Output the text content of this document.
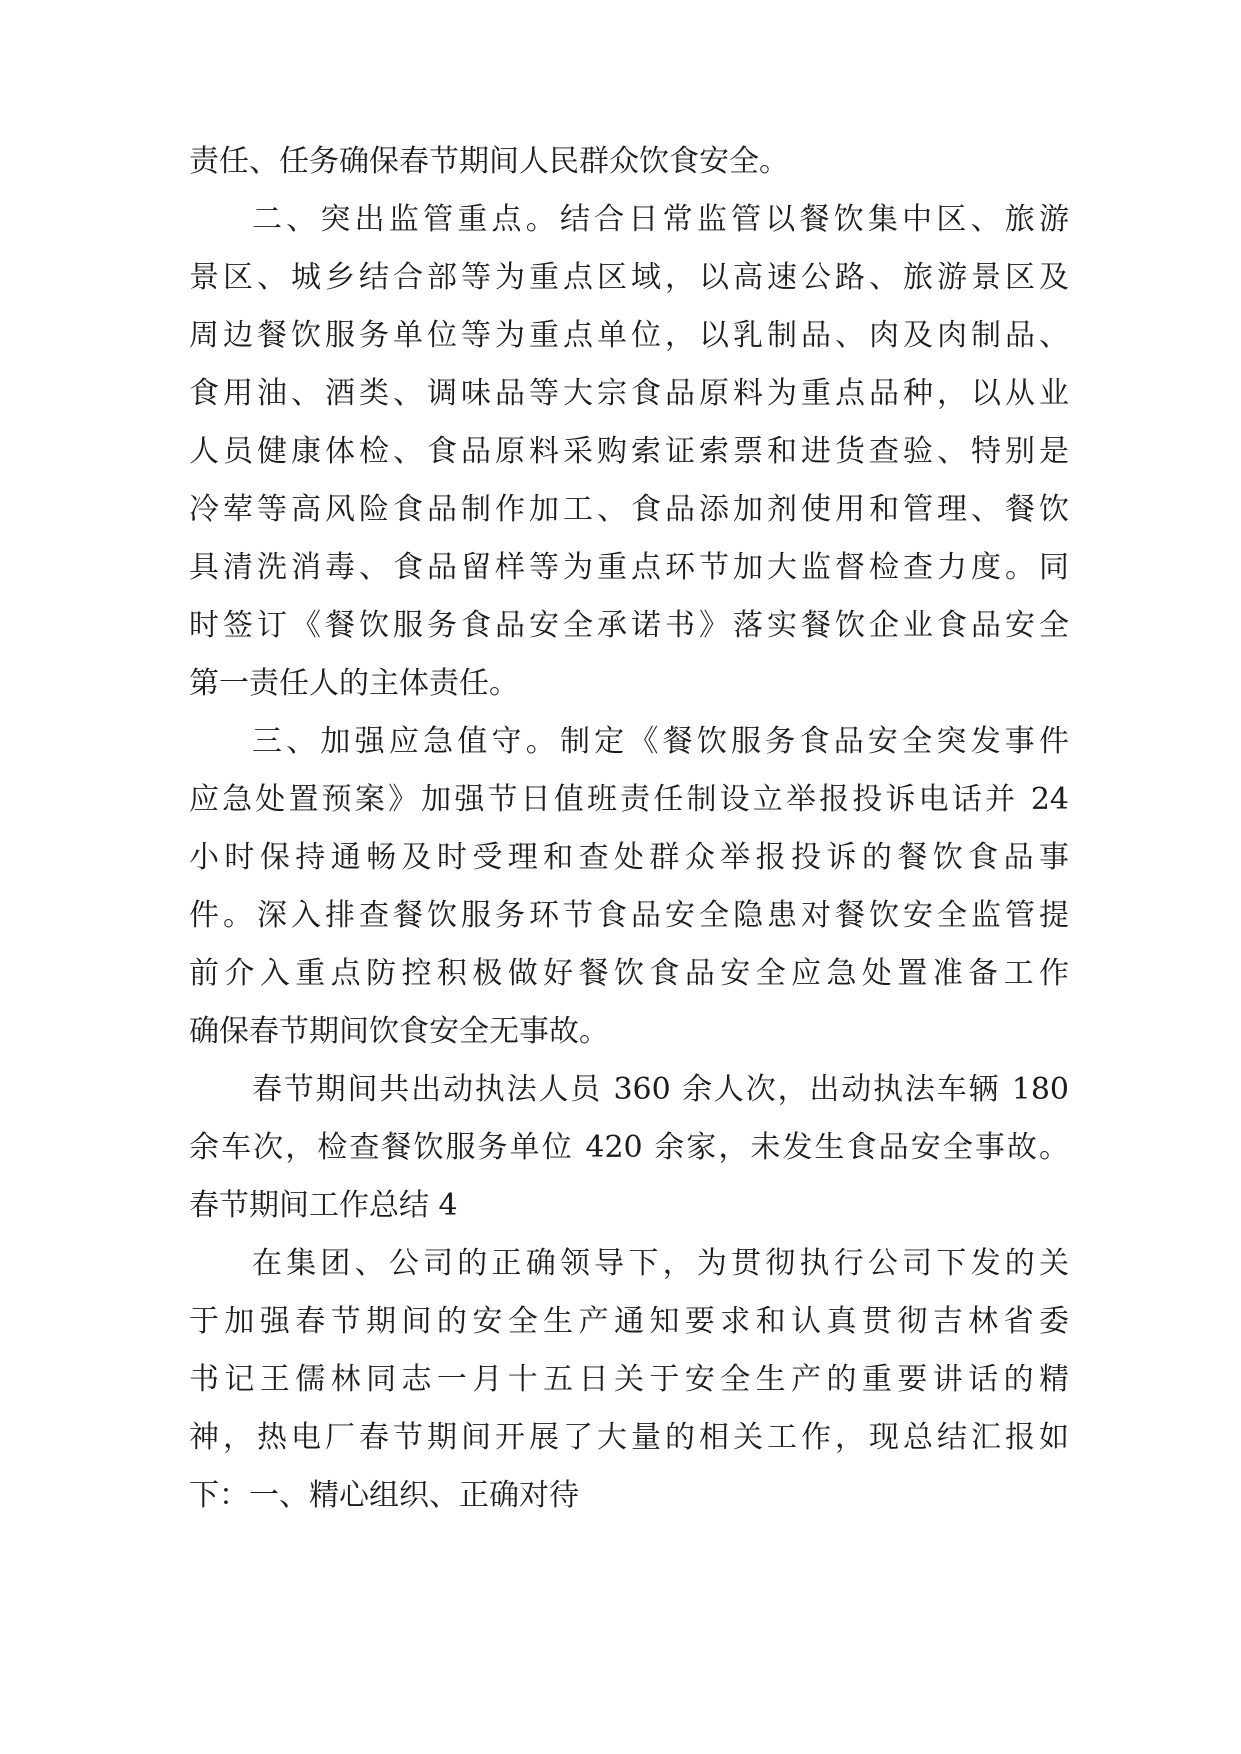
责任、任务确保春节期间人民群众饮食安全。
二、突出监管重点。结合日常监管以餐饮集中区、旅游
景区、城乡结合部等为重点区域，以高速公路、旅游景区及
周边餐饮服务单位等为重点单位，以乳制品、肉及肉制品、
食用油、酒类、调味品等大宗食品原料为重点品种，以从业
人员健康体检、食品原料采购索证索票和进货查验、特别是
冷荤等高风险食品制作加工、食品添加剂使用和管理、餐饮
具清洗消毒、食品留样等为重点环节加大监督检查力度。同
时签订《餐饮服务食品安全承诺书》落实餐饮企业食品安全
第一责任人的主体责任。
三、加强应急值守。制定《餐饮服务食品安全突发事件
应急处置预案》加强节日值班责任制设立举报投诉电话并 24
小时保持通畅及时受理和查处群众举报投诉的餐饮食品事
件。深入排查餐饮服务环节食品安全隐患对餐饮安全监管提
前介入重点防控积极做好餐饮食品安全应急处置准备工作
确保春节期间饮食安全无事故。
春节期间共出动执法人员 360 余人次，出动执法车辆 180
余车次，检查餐饮服务单位 420 余家，未发生食品安全事故。
春节期间工作总结 4
在集团、公司的正确领导下，为贯彻执行公司下发的关
于加强春节期间的安全生产通知要求和认真贯彻吉林省委
书记王儒林同志一月十五日关于安全生产的重要讲话的精
神，热电厂春节期间开展了大量的相关工作，现总结汇报如
下：一、精心组织、正确对待
